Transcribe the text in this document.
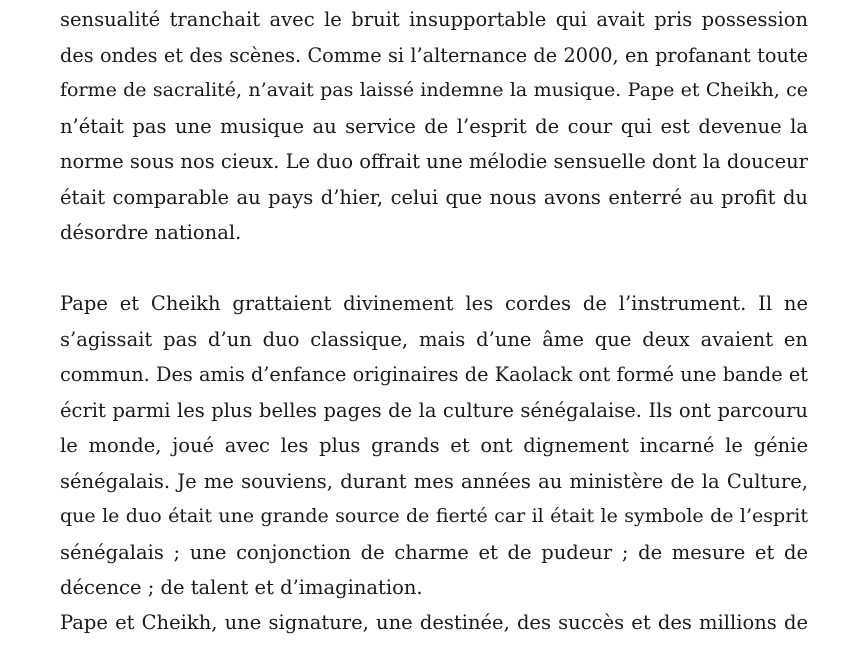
sensualité tranchait avec le bruit insupportable qui avait pris possession
des ondes et des scènes. Comme si l’alternance de 2000, en profanant toute
forme de sacralité, n’avait pas laissé indemne la musique. Pape et Cheikh, ce
n’était pas une musique au service de l’esprit de cour qui est devenue la
norme sous nos cieux. Le duo offrait une mélodie sensuelle dont la douceur
était comparable au pays d’hier, celui que nous avons enterré au profit du
désordre national.
Pape et Cheikh grattaient divinement les cordes de l’instrument. Il ne
s’agissait pas d’un duo classique, mais d’une âme que deux avaient en
commun. Des amis d’enfance originaires de Kaolack ont formé une bande et
écrit parmi les plus belles pages de la culture sénégalaise. Ils ont parcouru
le monde, joué avec les plus grands et ont dignement incarné le génie
sénégalais. Je me souviens, durant mes années au ministère de la Culture,
que le duo était une grande source de fierté car il était le symbole de l’esprit
sénégalais ; une conjonction de charme et de pudeur ; de mesure et de
décence ; de talent et d’imagination.
Pape et Cheikh, une signature, une destinée, des succès et des millions de
